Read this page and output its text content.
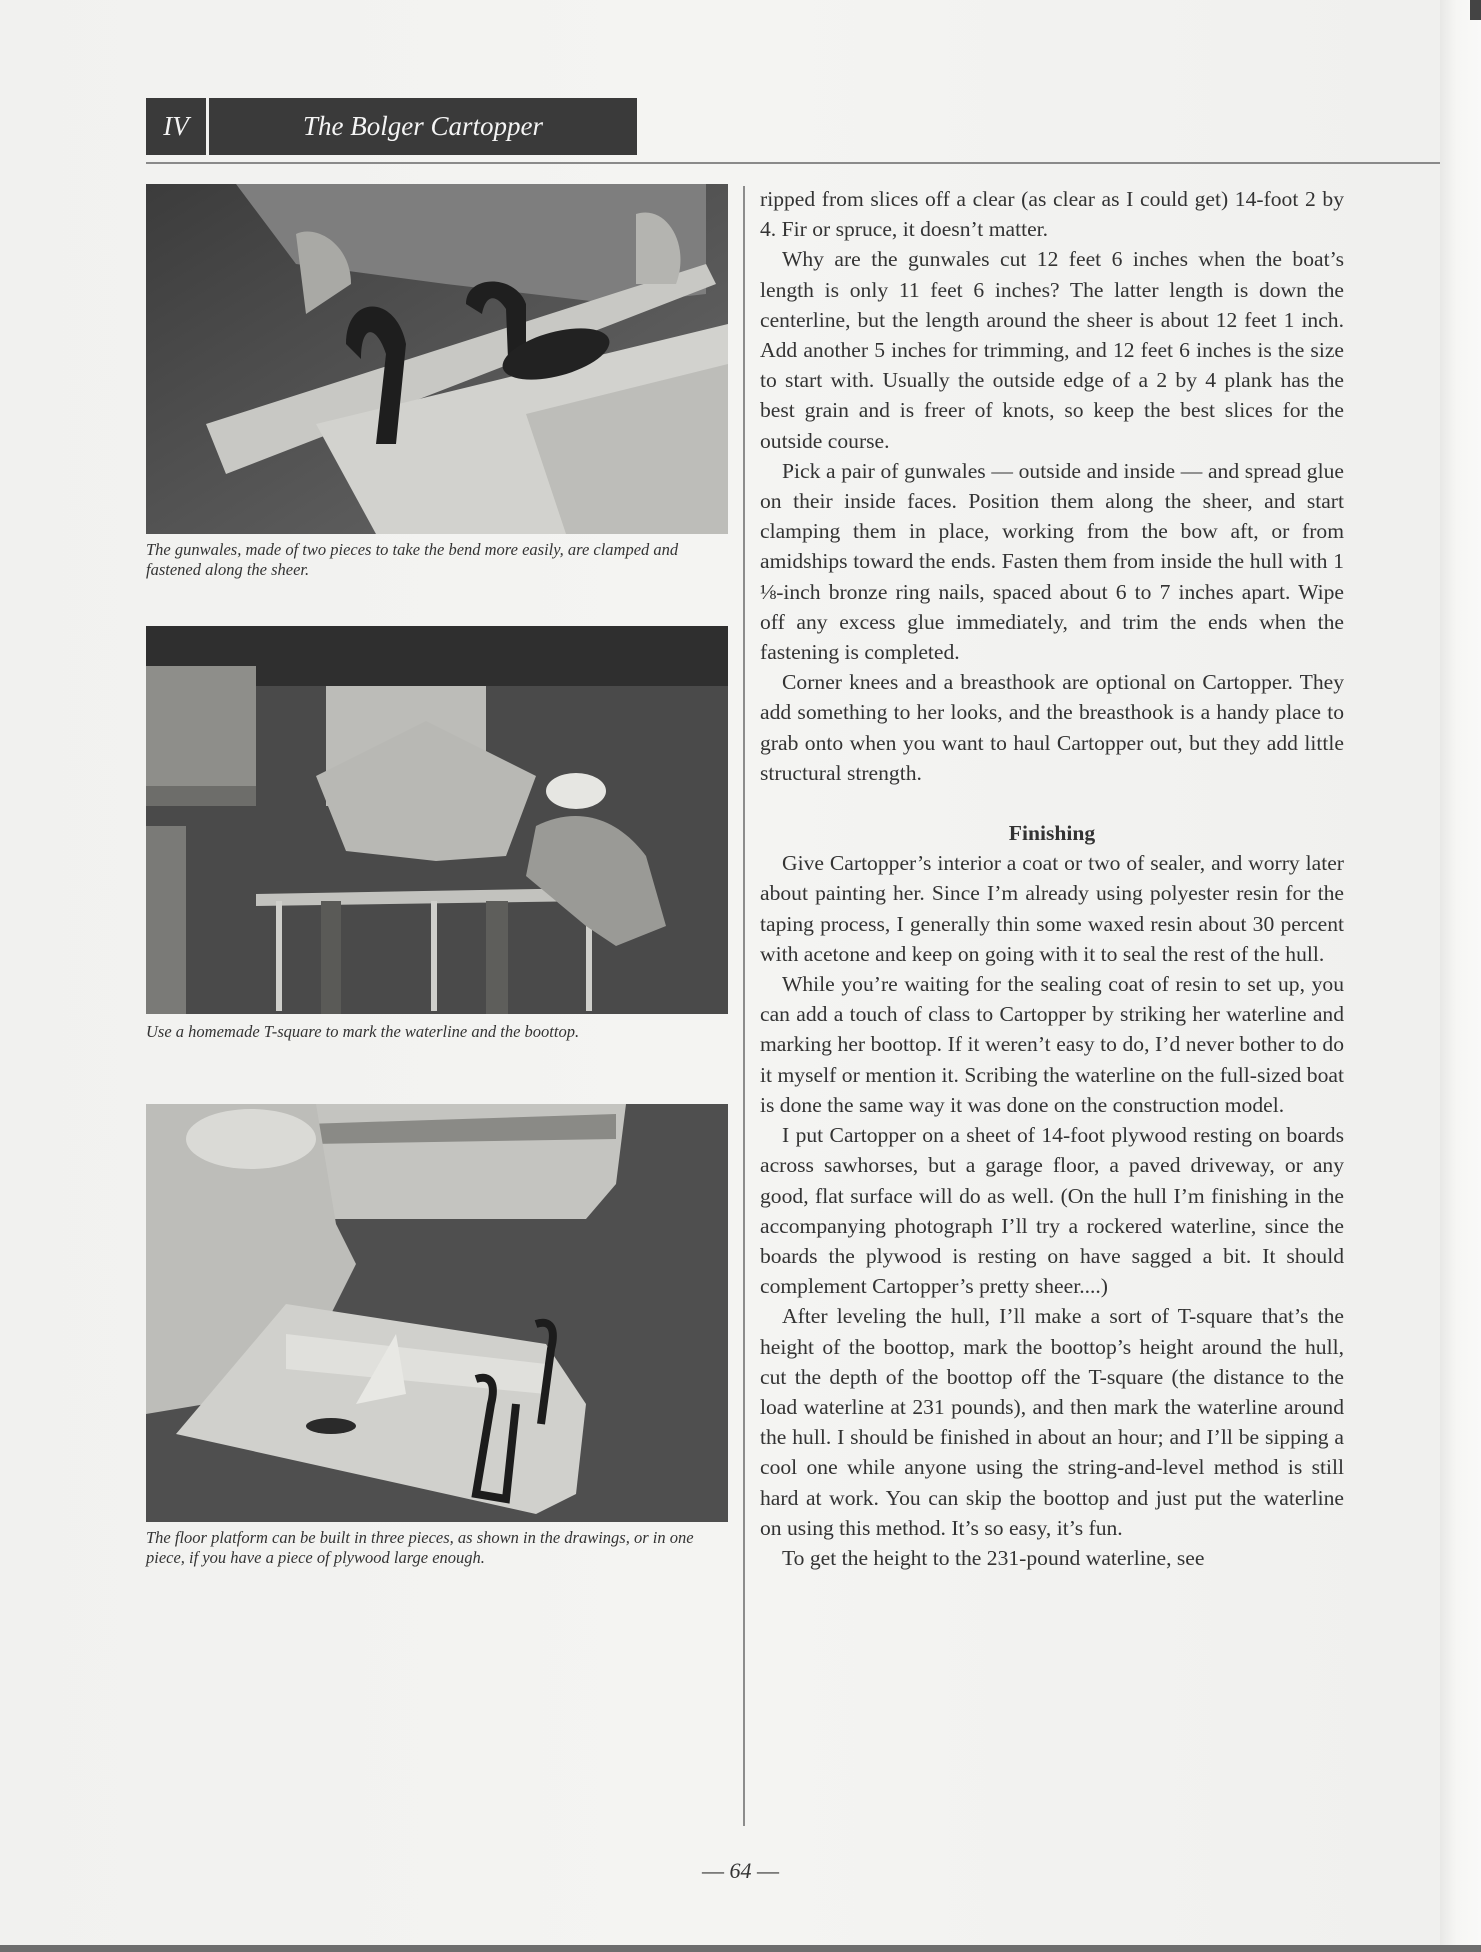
IV	The Bolger Cartopper
The gunwales, made of two pieces to take the bend more easily, are clamped and fastened along the sheer.
Use a homemade T-square to mark the waterline and the boottop.
The floor platform can be built in three pieces, as shown in the drawings, or in one piece, if you have a piece of plywood large enough.

ripped from slices off a clear (as clear as I could get) 14-foot 2 by 4. Fir or spruce, it doesn’t matter.

Why are the gunwales cut 12 feet 6 inches when the boat’s length is only 11 feet 6 inches? The latter length is down the centerline, but the length around the sheer is about 12 feet 1 inch. Add another 5 inches for trimming, and 12 feet 6 inches is the size to start with. Usually the outside edge of a 2 by 4 plank has the best grain and is freer of knots, so keep the best slices for the outside course.

Pick a pair of gunwales — outside and inside — and spread glue on their inside faces. Position them along the sheer, and start clamping them in place, working from the bow aft, or from amidships toward the ends. Fasten them from inside the hull with 1 ⅛-inch bronze ring nails, spaced about 6 to 7 inches apart. Wipe off any excess glue immediately, and trim the ends when the fastening is completed.

Corner knees and a breasthook are optional on Cartopper. They add something to her looks, and the breasthook is a handy place to grab onto when you want to haul Cartopper out, but they add little structural strength.

Finishing

Give Cartopper’s interior a coat or two of sealer, and worry later about painting her. Since I’m already using polyester resin for the taping process, I generally thin some waxed resin about 30 percent with acetone and keep on going with it to seal the rest of the hull.

While you’re waiting for the sealing coat of resin to set up, you can add a touch of class to Cartopper by striking her waterline and marking her boottop. If it weren’t easy to do, I’d never bother to do it myself or mention it. Scribing the waterline on the full-sized boat is done the same way it was done on the construction model.

I put Cartopper on a sheet of 14-foot plywood resting on boards across sawhorses, but a garage floor, a paved driveway, or any good, flat surface will do as well. (On the hull I’m finishing in the accompanying photograph I’ll try a rockered waterline, since the boards the plywood is resting on have sagged a bit. It should complement Cartopper’s pretty sheer....)

After leveling the hull, I’ll make a sort of T-square that’s the height of the boottop, mark the boottop’s height around the hull, cut the depth of the boottop off the T-square (the distance to the load waterline at 231 pounds), and then mark the waterline around the hull. I should be finished in about an hour; and I’ll be sipping a cool one while anyone using the string-and-level method is still hard at work. You can skip the boottop and just put the waterline on using this method. It’s so easy, it’s fun.

To get the height to the 231-pound waterline, see

— 64 —
